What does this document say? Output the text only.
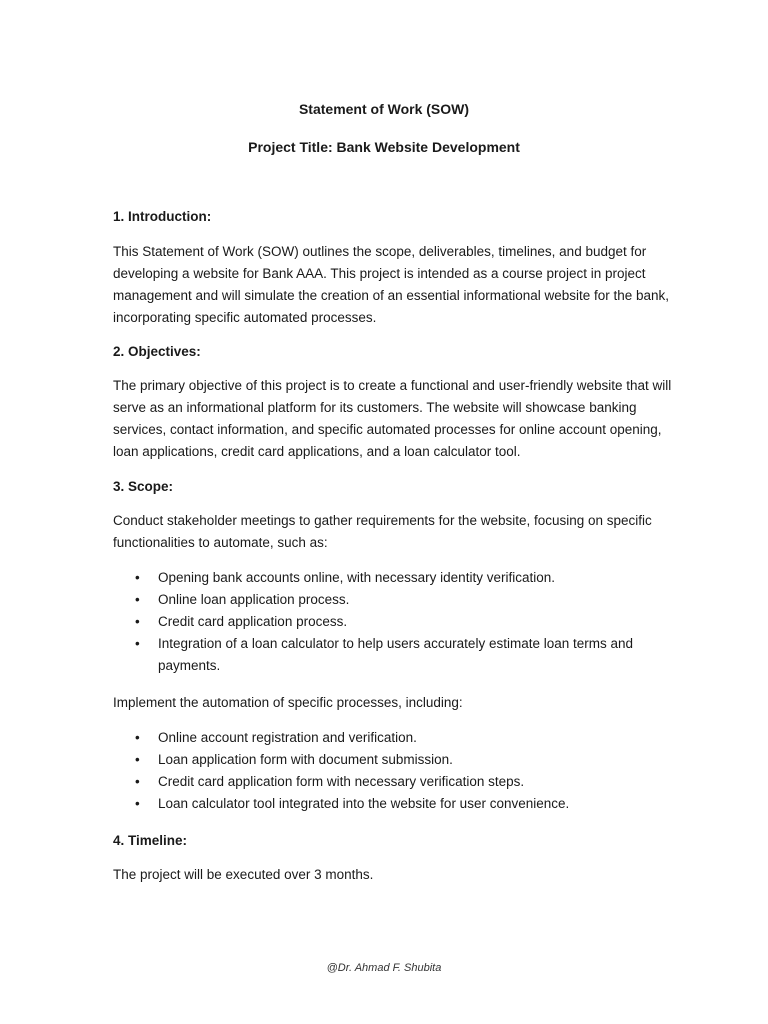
Statement of Work (SOW)
Project Title: Bank Website Development
1. Introduction:

This Statement of Work (SOW) outlines the scope, deliverables, timelines, and budget for developing a website for Bank AAA. This project is intended as a course project in project management and will simulate the creation of an essential informational website for the bank, incorporating specific automated processes.

2. Objectives:

The primary objective of this project is to create a functional and user-friendly website that will serve as an informational platform for its customers. The website will showcase banking services, contact information, and specific automated processes for online account opening, loan applications, credit card applications, and a loan calculator tool.

3. Scope:

Conduct stakeholder meetings to gather requirements for the website, focusing on specific functionalities to automate, such as:

• Opening bank accounts online, with necessary identity verification.
• Online loan application process.
• Credit card application process.
• Integration of a loan calculator to help users accurately estimate loan terms and payments.

Implement the automation of specific processes, including:

• Online account registration and verification.
• Loan application form with document submission.
• Credit card application form with necessary verification steps.
• Loan calculator tool integrated into the website for user convenience.
4. Timeline:

The project will be executed over 3 months.

@Dr. Ahmad F. Shubita
